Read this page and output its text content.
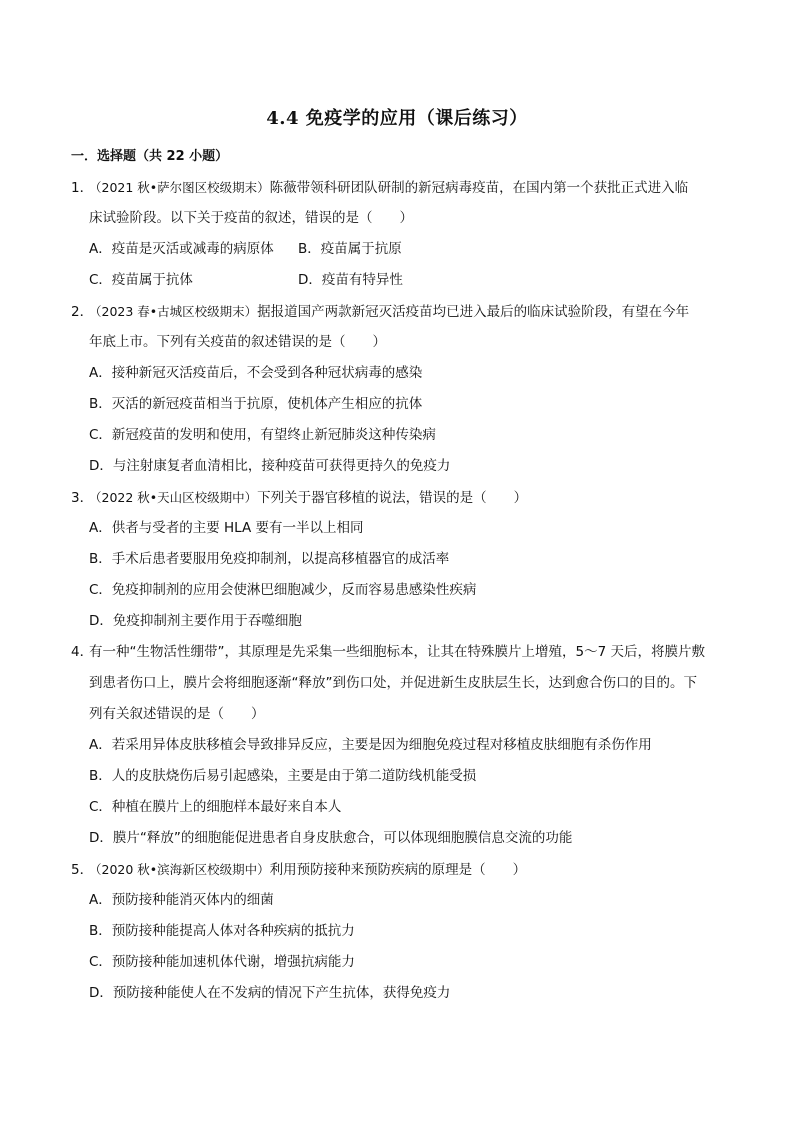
4.4 免疫学的应用（课后练习）
一．选择题（共 22 小题）
1．（2021 秋•萨尔图区校级期末）陈薇带领科研团队研制的新冠病毒疫苗，在国内第一个获批正式进入临
床试验阶段。以下关于疫苗的叙述，错误的是（　　）
A．疫苗是灭活或减毒的病原体	B．疫苗属于抗原
C．疫苗属于抗体	D．疫苗有特异性
2．（2023 春•古城区校级期末）据报道国产两款新冠灭活疫苗均已进入最后的临床试验阶段，有望在今年
年底上市。下列有关疫苗的叙述错误的是（　　）
A．接种新冠灭活疫苗后，不会受到各种冠状病毒的感染
B．灭活的新冠疫苗相当于抗原，使机体产生相应的抗体
C．新冠疫苗的发明和使用，有望终止新冠肺炎这种传染病
D．与注射康复者血清相比，接种疫苗可获得更持久的免疫力
3．（2022 秋•天山区校级期中）下列关于器官移植的说法，错误的是（　　）
A．供者与受者的主要 HLA 要有一半以上相同
B．手术后患者要服用免疫抑制剂，以提高移植器官的成活率
C．免疫抑制剂的应用会使淋巴细胞减少，反而容易患感染性疾病
D．免疫抑制剂主要作用于吞噬细胞
4．有一种“生物活性绷带”，其原理是先采集一些细胞标本，让其在特殊膜片上增殖，5～7 天后，将膜片敷
到患者伤口上，膜片会将细胞逐渐“释放”到伤口处，并促进新生皮肤层生长，达到愈合伤口的目的。下
列有关叙述错误的是（　　）
A．若采用异体皮肤移植会导致排异反应，主要是因为细胞免疫过程对移植皮肤细胞有杀伤作用
B．人的皮肤烧伤后易引起感染，主要是由于第二道防线机能受损
C．种植在膜片上的细胞样本最好来自本人
D．膜片“释放”的细胞能促进患者自身皮肤愈合，可以体现细胞膜信息交流的功能
5．（2020 秋•滨海新区校级期中）利用预防接种来预防疾病的原理是（　　）
A．预防接种能消灭体内的细菌
B．预防接种能提高人体对各种疾病的抵抗力
C．预防接种能加速机体代谢，增强抗病能力
D．预防接种能使人在不发病的情况下产生抗体，获得免疫力
